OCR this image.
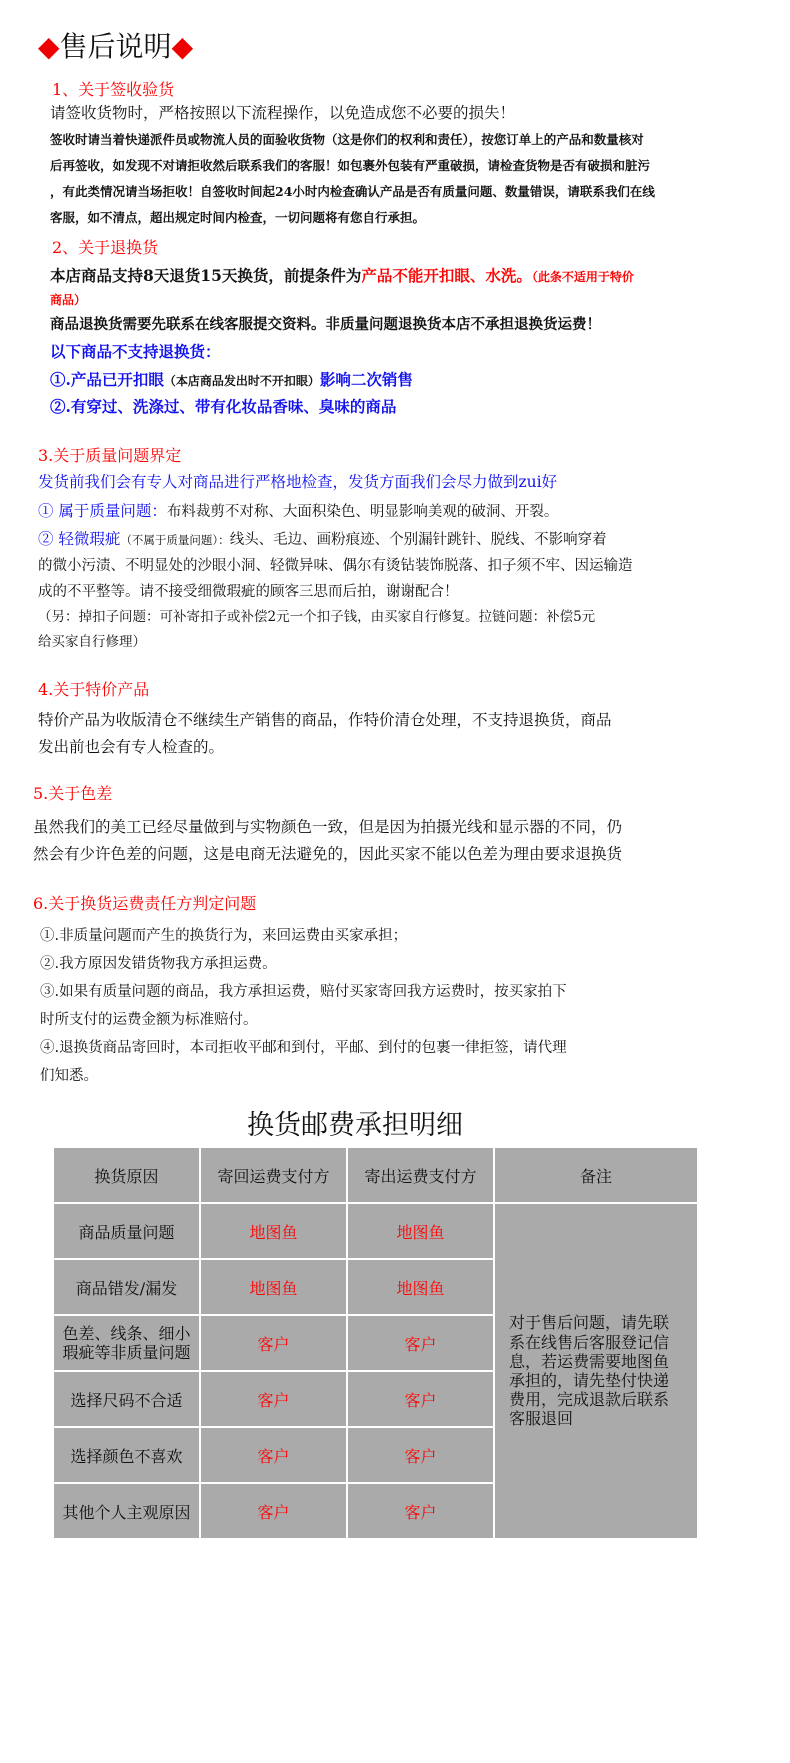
◆售后说明◆
1、关于签收验货
请签收货物时，严格按照以下流程操作，以免造成您不必要的损失！
签收时请当着快递派件员或物流人员的面验收货物（这是你们的权利和责任），按您订单上的产品和数量核对
后再签收，如发现不对请拒收然后联系我们的客服！如包裹外包装有严重破损，请检查货物是否有破损和脏污
，有此类情况请当场拒收！自签收时间起24小时内检查确认产品是否有质量问题、数量错误，请联系我们在线
客服，如不清点，超出规定时间内检查，一切问题将有您自行承担。
2、关于退换货
本店商品支持8天退货15天换货，前提条件为产品不能开扣眼、水洗。（此条不适用于特价
商品）
商品退换货需要先联系在线客服提交资料。非质量问题退换货本店不承担退换货运费！
以下商品不支持退换货：
①.产品已开扣眼（本店商品发出时不开扣眼）影响二次销售
②.有穿过、洗涤过、带有化妆品香味、臭味的商品
3.关于质量问题界定
发货前我们会有专人对商品进行严格地检查，发货方面我们会尽力做到zui好
① 属于质量问题：布料裁剪不对称、大面积染色、明显影响美观的破洞、开裂。
② 轻微瑕疵（不属于质量问题）：线头、毛边、画粉痕迹、个别漏针跳针、脱线、不影响穿着
的微小污渍、不明显处的沙眼小洞、轻微异味、偶尔有烫钻装饰脱落、扣子须不牢、因运输造
成的不平整等。请不接受细微瑕疵的顾客三思而后拍，谢谢配合！
（另：掉扣子问题：可补寄扣子或补偿2元一个扣子钱，由买家自行修复。拉链问题：补偿5元
给买家自行修理）
4.关于特价产品
特价产品为收版清仓不继续生产销售的商品，作特价清仓处理，不支持退换货，商品
发出前也会有专人检查的。
5.关于色差
虽然我们的美工已经尽量做到与实物颜色一致，但是因为拍摄光线和显示器的不同，仍
然会有少许色差的问题，这是电商无法避免的，因此买家不能以色差为理由要求退换货
6.关于换货运费责任方判定问题
①.非质量问题而产生的换货行为，来回运费由买家承担；
②.我方原因发错货物我方承担运费。
③.如果有质量问题的商品，我方承担运费，赔付买家寄回我方运费时，按买家拍下
时所支付的运费金额为标准赔付。
④.退换货商品寄回时，本司拒收平邮和到付，平邮、到付的包裹一律拒签，请代理
们知悉。
换货邮费承担明细
换货原因	寄回运费支付方	寄出运费支付方	备注
商品质量问题	地图鱼	地图鱼	对于售后问题，请先联系在线售后客服登记信息，若运费需要地图鱼承担的，请先垫付快递费用，完成退款后联系客服退回
商品错发/漏发	地图鱼	地图鱼	
色差、线条、细小瑕疵等非质量问题	客户	客户	
选择尺码不合适	客户	客户	
选择颜色不喜欢	客户	客户	
其他个人主观原因	客户	客户	
